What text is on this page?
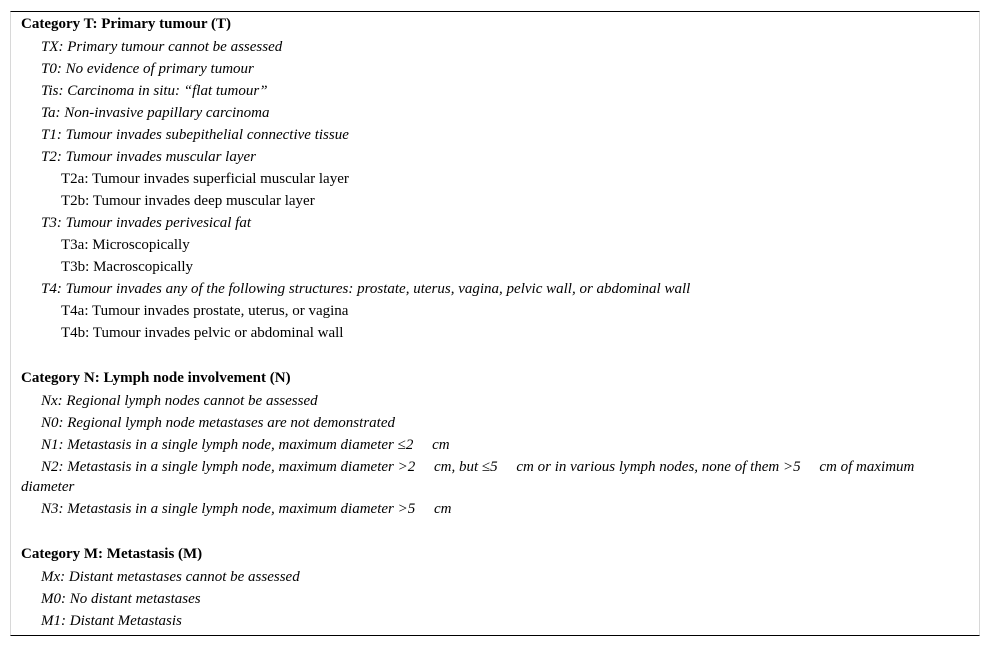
Category T: Primary tumour (T)
TX: Primary tumour cannot be assessed
T0: No evidence of primary tumour
Tis: Carcinoma in situ: “flat tumour”
Ta: Non-invasive papillary carcinoma
T1: Tumour invades subepithelial connective tissue
T2: Tumour invades muscular layer
T2a: Tumour invades superficial muscular layer
T2b: Tumour invades deep muscular layer
T3: Tumour invades perivesical fat
T3a: Microscopically
T3b: Macroscopically
T4: Tumour invades any of the following structures: prostate, uterus, vagina, pelvic wall, or abdominal wall
T4a: Tumour invades prostate, uterus, or vagina
T4b: Tumour invades pelvic or abdominal wall
Category N: Lymph node involvement (N)
Nx: Regional lymph nodes cannot be assessed
N0: Regional lymph node metastases are not demonstrated
N1: Metastasis in a single lymph node, maximum diameter ≤2     cm
N2: Metastasis in a single lymph node, maximum diameter >2     cm, but ≤5     cm or in various lymph nodes, none of them >5     cm of maximum diameter
N3: Metastasis in a single lymph node, maximum diameter >5     cm
Category M: Metastasis (M)
Mx: Distant metastases cannot be assessed
M0: No distant metastases
M1: Distant Metastasis
